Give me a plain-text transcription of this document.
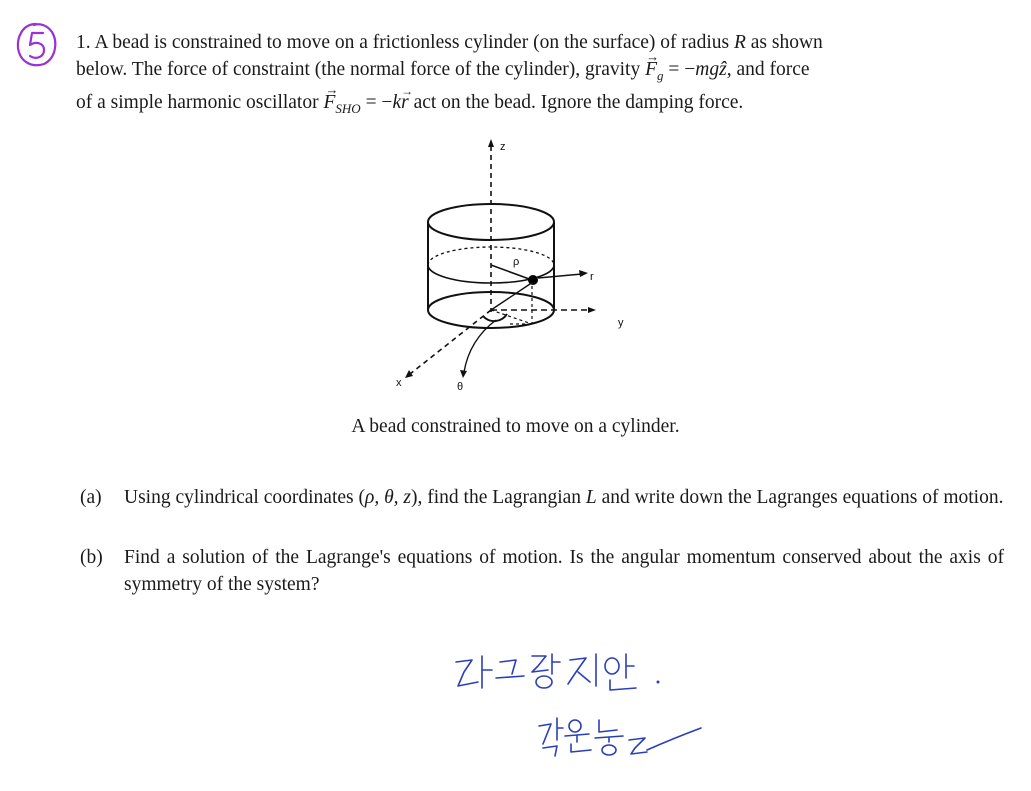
1. A bead is constrained to move on a frictionless cylinder (on the surface) of radius R as shown
below. The force of constraint (the normal force of the cylinder), gravity
→
$F_g$ = −mgẑ, and force
of a simple harmonic oscillator
→
$F_{SHO} = -k$
→
r act on the bead. Ignore the damping force.
z
ρ
r
y
x	θ
A bead constrained to move on a cylinder.
(a) Using cylindrical coordinates (ρ, θ, z), find the Lagrangian L and write down the Lagranges equations of motion.
(b) Find a solution of the Lagrange's equations of motion. Is the angular momentum conserved about the axis of symmetry of the system?
